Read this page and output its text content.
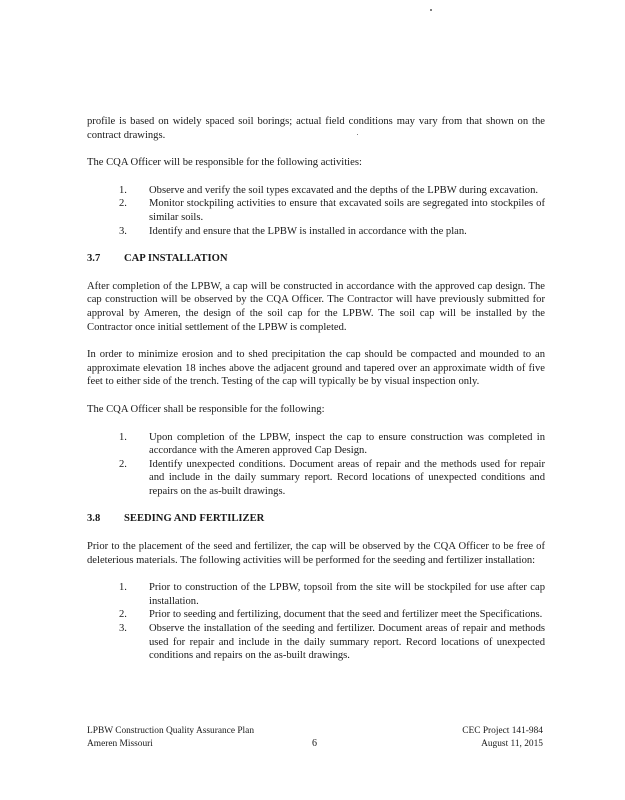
profile is based on widely spaced soil borings; actual field conditions may vary from that shown on the contract drawings.

The CQA Officer will be responsible for the following activities:

1. Observe and verify the soil types excavated and the depths of the LPBW during excavation.
2. Monitor stockpiling activities to ensure that excavated soils are segregated into stockpiles of similar soils.
3. Identify and ensure that the LPBW is installed in accordance with the plan.
3.7	CAP INSTALLATION

After completion of the LPBW, a cap will be constructed in accordance with the approved cap design. The cap construction will be observed by the CQA Officer. The Contractor will have previously submitted for approval by Ameren, the design of the soil cap for the LPBW. The soil cap will be installed by the Contractor once initial settlement of the LPBW is completed.

In order to minimize erosion and to shed precipitation the cap should be compacted and mounded to an approximate elevation 18 inches above the adjacent ground and tapered over an approximate width of five feet to either side of the trench. Testing of the cap will typically be by visual inspection only.

The CQA Officer shall be responsible for the following:

1. Upon completion of the LPBW, inspect the cap to ensure construction was completed in accordance with the Ameren approved Cap Design.
2. Identify unexpected conditions. Document areas of repair and the methods used for repair and include in the daily summary report. Record locations of unexpected conditions and repairs on the as-built drawings.
3.8	SEEDING AND FERTILIZER

Prior to the placement of the seed and fertilizer, the cap will be observed by the CQA Officer to be free of deleterious materials. The following activities will be performed for the seeding and fertilizer installation:

1. Prior to construction of the LPBW, topsoil from the site will be stockpiled for use after cap installation.
2. Prior to seeding and fertilizing, document that the seed and fertilizer meet the Specifications.
3. Observe the installation of the seeding and fertilizer. Document areas of repair and methods used for repair and include in the daily summary report. Record locations of unexpected conditions and repairs on the as-built drawings.
LPBW Construction Quality Assurance Plan
Ameren Missouri	6
CEC Project 141-984
August 11, 2015
